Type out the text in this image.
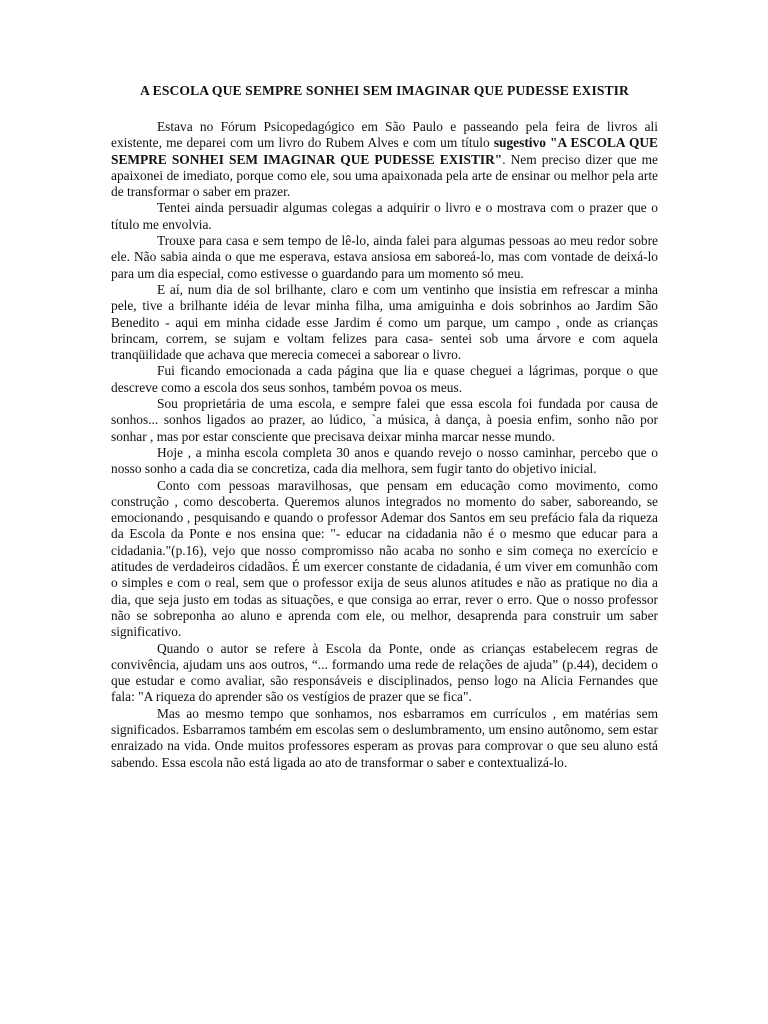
A ESCOLA QUE SEMPRE SONHEI SEM IMAGINAR QUE PUDESSE EXISTIR

Estava no Fórum Psicopedagógico em São Paulo e passeando pela feira de livros ali existente, me deparei com um livro do Rubem Alves e com um título sugestivo "A ESCOLA QUE SEMPRE SONHEI SEM IMAGINAR QUE PUDESSE EXISTIR". Nem preciso dizer que me apaixonei de imediato, porque como ele, sou uma apaixonada pela arte de ensinar ou melhor pela arte de transformar o saber em prazer.

Tentei ainda persuadir algumas colegas a adquirir o livro e o mostrava com o prazer que o título me envolvia.

Trouxe para casa e sem tempo de lê-lo, ainda falei para algumas pessoas ao meu redor sobre ele. Não sabia ainda o que me esperava, estava ansiosa em saboreá-lo, mas com vontade de deixá-lo para um dia especial, como estivesse o guardando para um momento só meu.

E aí, num dia de sol brilhante, claro e com um ventinho que insistia em refrescar a minha pele, tive a brilhante idéia de levar minha filha, uma amiguinha e dois sobrinhos ao Jardim São Benedito - aqui em minha cidade esse Jardim é como um parque, um campo , onde as crianças brincam, correm, se sujam e voltam felizes para casa- sentei sob uma árvore e com aquela tranqüilidade que achava que merecia comecei a saborear o livro.

Fui ficando emocionada a cada página que lia e quase cheguei a lágrimas, porque o que descreve como a escola dos seus sonhos, também povoa os meus.

Sou proprietária de uma escola, e sempre falei que essa escola foi fundada por causa de sonhos... sonhos ligados ao prazer, ao lúdico, `a música, à dança, à poesia enfim, sonho não por sonhar , mas por estar consciente que precisava deixar minha marcar nesse mundo.

Hoje , a minha escola completa 30 anos e quando revejo o nosso caminhar, percebo que o nosso sonho a cada dia se concretiza, cada dia melhora, sem fugir tanto do objetivo inicial.

Conto com pessoas maravilhosas, que pensam em educação como movimento, como construção , como descoberta. Queremos alunos integrados no momento do saber, saboreando, se emocionando , pesquisando e quando o professor Ademar dos Santos em seu prefácio fala da riqueza da Escola da Ponte e nos ensina que: "- educar na cidadania não é o mesmo que educar para a cidadania."(p.16), vejo que nosso compromisso não acaba no sonho e sim começa no exercício e atitudes de verdadeiros cidadãos. É um exercer constante de cidadania, é um viver em comunhão com o simples e com o real, sem que o professor exija de seus alunos atitudes e não as pratique no dia a dia, que seja justo em todas as situações, e que consiga ao errar, rever o erro. Que o nosso professor não se sobreponha ao aluno e aprenda com ele, ou melhor, desaprenda para construir um saber significativo.

Quando o autor se refere à Escola da Ponte, onde as crianças estabelecem regras de convivência, ajudam uns aos outros, “... formando uma rede de relações de ajuda” (p.44), decidem o que estudar e como avaliar, são responsáveis e disciplinados, penso logo na Alicia Fernandes que fala: "A riqueza do aprender são os vestígios de prazer que se fica".

Mas ao mesmo tempo que sonhamos, nos esbarramos em currículos , em matérias sem significados. Esbarramos também em escolas sem o deslumbramento, um ensino autônomo, sem estar enraizado na vida. Onde muitos professores esperam as provas para comprovar o que seu aluno está sabendo. Essa escola não está ligada ao ato de transformar o saber e contextualizá-lo.
